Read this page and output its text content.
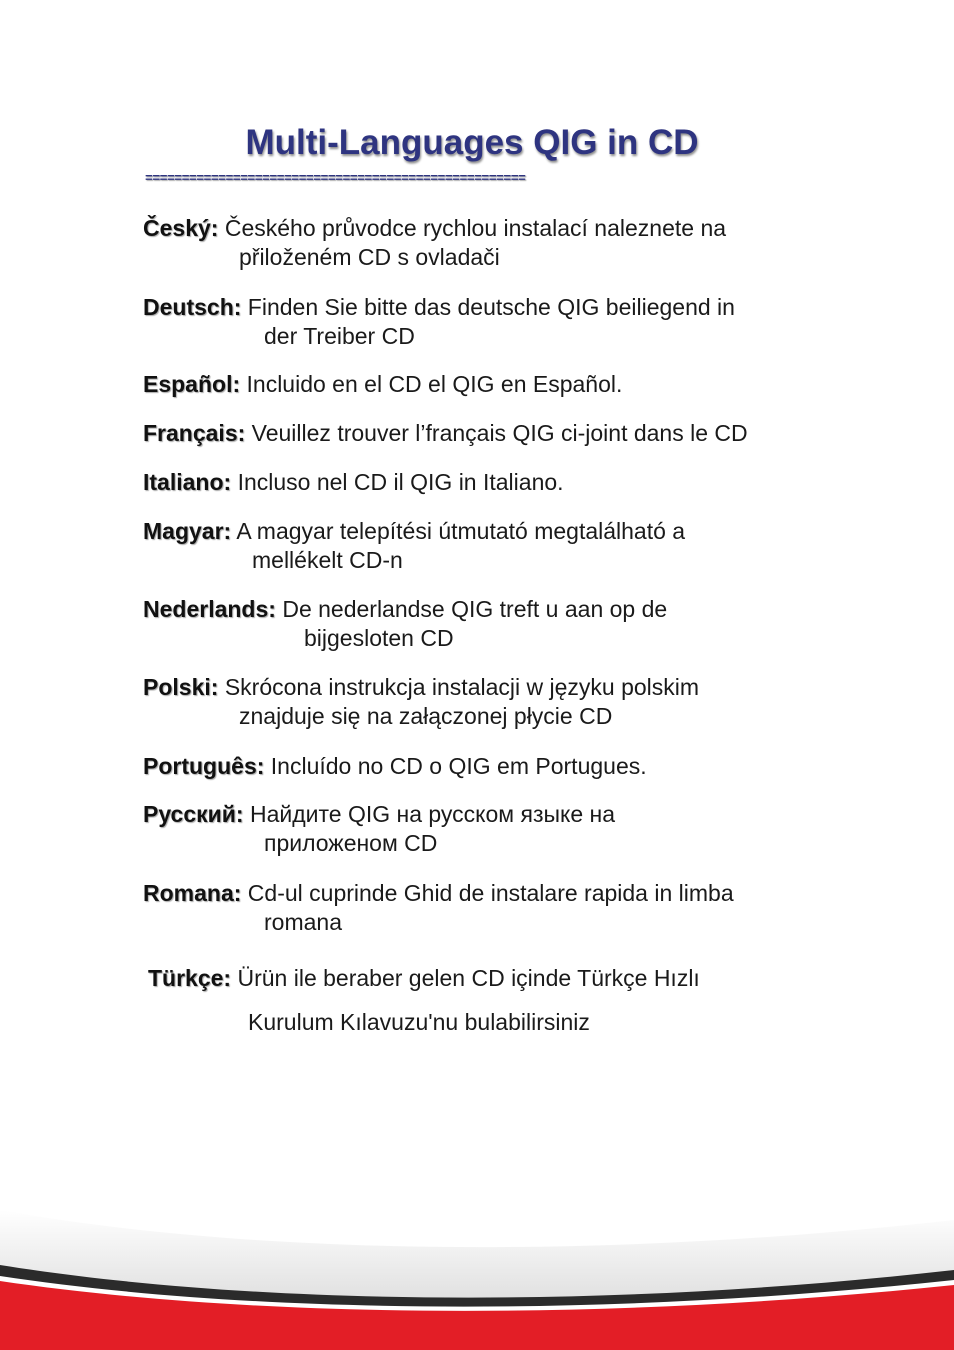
Multi-Languages QIG in CD
====================================================
Český: Českého průvodce rychlou instalací naleznete na
přiloženém CD s ovladači
Deutsch: Finden Sie bitte das deutsche QIG beiliegend in
der Treiber CD
Español: Incluido en el CD el QIG en Español.
Français: Veuillez trouver l’français QIG ci-joint dans le CD
Italiano: Incluso nel CD il QIG in Italiano.
Magyar: A magyar telepítési útmutató megtalálható a
mellékelt CD-n
Nederlands: De nederlandse QIG treft u aan op de
bijgesloten CD
Polski: Skrócona instrukcja instalacji w języku polskim
znajduje się na załączonej płycie CD
Português: Incluído no CD o QIG em Portugues.
Русский: Найдите QIG на русском языке на
приложеном CD
Romana: Cd-ul cuprinde Ghid de instalare rapida in limba
romana
Türkçe: Ürün ile beraber gelen CD içinde Türkçe Hızlı
Kurulum Kılavuzu'nu bulabilirsiniz
